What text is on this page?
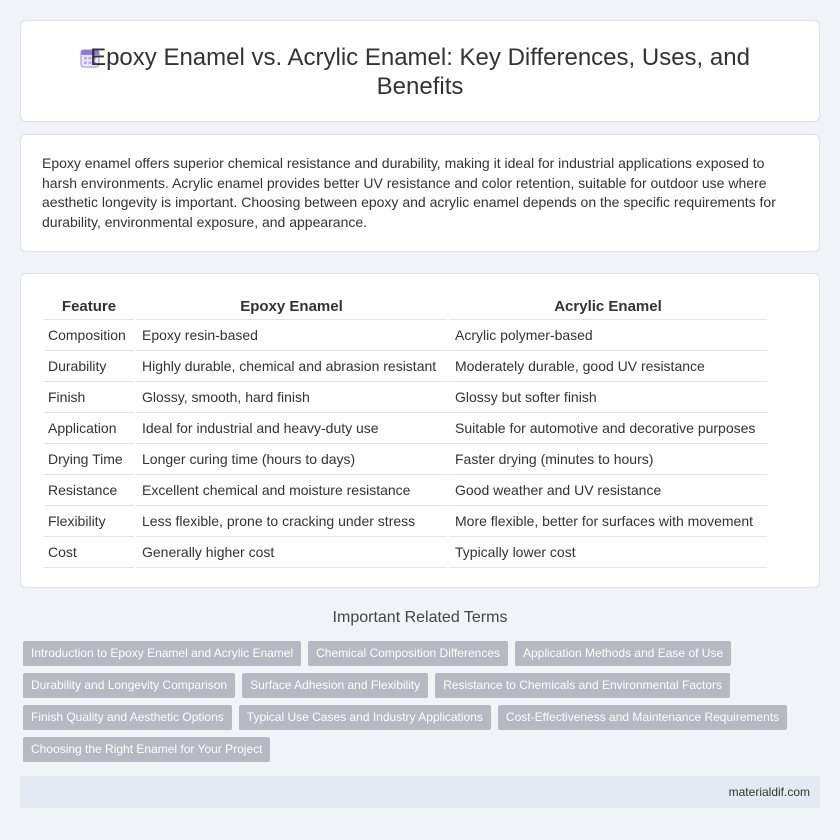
Epoxy Enamel vs. Acrylic Enamel: Key Differences, Uses, and Benefits

Epoxy enamel offers superior chemical resistance and durability, making it ideal for industrial applications exposed to harsh environments. Acrylic enamel provides better UV resistance and color retention, suitable for outdoor use where aesthetic longevity is important. Choosing between epoxy and acrylic enamel depends on the specific requirements for durability, environmental exposure, and appearance.

Feature	Epoxy Enamel	Acrylic Enamel
Composition	Epoxy resin-based	Acrylic polymer-based
Durability	Highly durable, chemical and abrasion resistant	Moderately durable, good UV resistance
Finish	Glossy, smooth, hard finish	Glossy but softer finish
Application	Ideal for industrial and heavy-duty use	Suitable for automotive and decorative purposes
Drying Time	Longer curing time (hours to days)	Faster drying (minutes to hours)
Resistance	Excellent chemical and moisture resistance	Good weather and UV resistance
Flexibility	Less flexible, prone to cracking under stress	More flexible, better for surfaces with movement
Cost	Generally higher cost	Typically lower cost
Important Related Terms
Introduction to Epoxy Enamel and Acrylic Enamel	Chemical Composition Differences	Application Methods and Ease of Use
Durability and Longevity Comparison	Surface Adhesion and Flexibility	Resistance to Chemicals and Environmental Factors
Finish Quality and Aesthetic Options	Typical Use Cases and Industry Applications	Cost-Effectiveness and Maintenance Requirements
Choosing the Right Enamel for Your Project
materialdif.com
